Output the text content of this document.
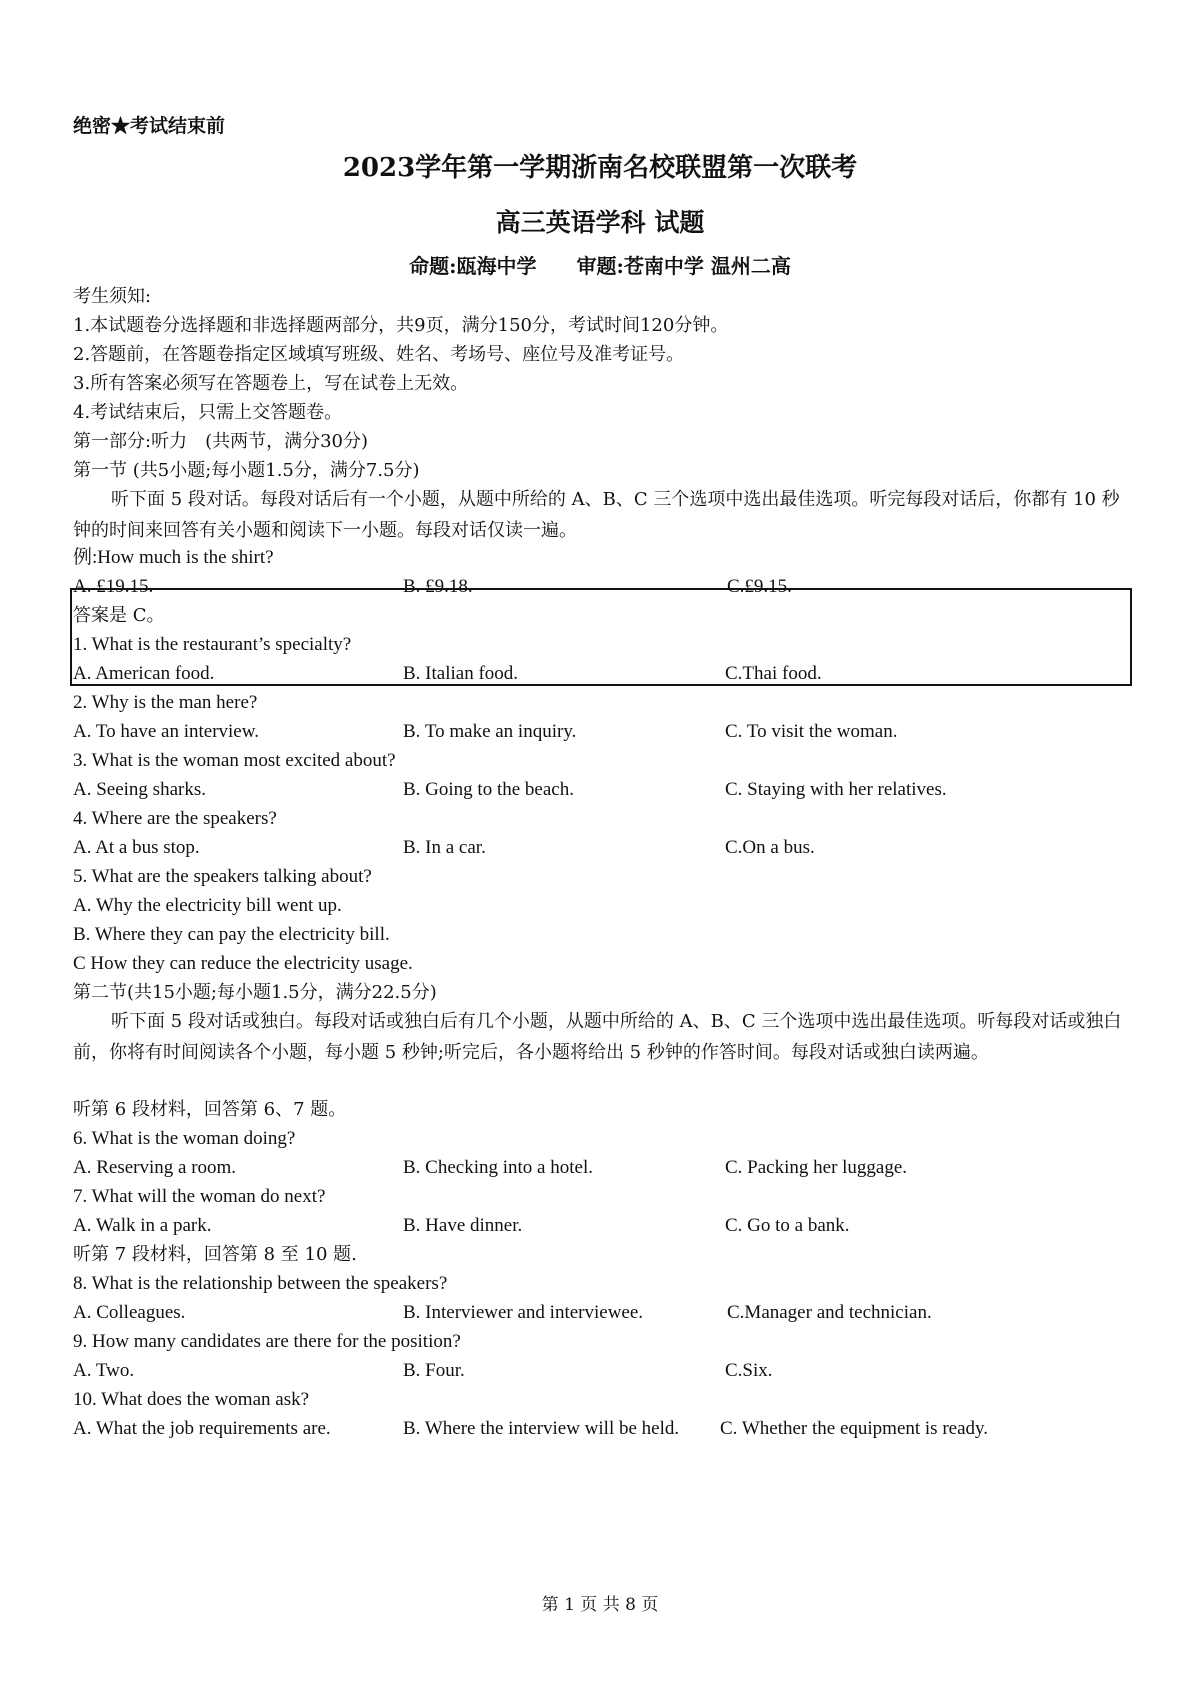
绝密★考试结束前
2023学年第一学期浙南名校联盟第一次联考
高三英语学科 试题
命题:瓯海中学　　审题:苍南中学 温州二高
考生须知:
1.本试题卷分选择题和非选择题两部分，共9页，满分150分，考试时间120分钟。
2.答题前，在答题卷指定区域填写班级、姓名、考场号、座位号及准考证号。
3.所有答案必须写在答题卷上，写在试卷上无效。
4.考试结束后，只需上交答题卷。
第一部分:听力　(共两节，满分30分)
第一节 (共5小题;每小题1.5分，满分7.5分)
听下面 5 段对话。每段对话后有一个小题，从题中所给的 A、B、C 三个选项中选出最佳选项。听完每段对话后，你都有 10 秒钟的时间来回答有关小题和阅读下一小题。每段对话仅读一遍。
例:How much is the shirt?
A. £19.15.	B. £9.18.	C.£9.15.
答案是 C。
1. What is the restaurant’s specialty?
A. American food.	B. Italian food.	C.Thai food.
2. Why is the man here?
A. To have an interview.	B. To make an inquiry.	C. To visit the woman.
3. What is the woman most excited about?
A. Seeing sharks.	B. Going to the beach.	C. Staying with her relatives.
4. Where are the speakers?
A. At a bus stop.	B. In a car.	C.On a bus.
5. What are the speakers talking about?
A. Why the electricity bill went up.
B. Where they can pay the electricity bill.
C How they can reduce the electricity usage.
第二节(共15小题;每小题1.5分，满分22.5分)
听下面 5 段对话或独白。每段对话或独白后有几个小题，从题中所给的 A、B、C 三个选项中选出最佳选项。听每段对话或独白前，你将有时间阅读各个小题，每小题 5 秒钟;听完后，各小题将给出 5 秒钟的作答时间。每段对话或独白读两遍。
听第 6 段材料，回答第 6、7 题。
6. What is the woman doing?
A. Reserving a room.	B. Checking into a hotel.	C. Packing her luggage.
7. What will the woman do next?
A. Walk in a park.	B. Have dinner.	C. Go to a bank.
听第 7 段材料，回答第 8 至 10 题.
8. What is the relationship between the speakers?
A. Colleagues.	B. Interviewer and interviewee.	C.Manager and technician.
9. How many candidates are there for the position?
A. Two.	B. Four.	C.Six.
10. What does the woman ask?
A. What the job requirements are.	B. Where the interview will be held. C. Whether the equipment is ready.
第 1 页 共 8 页
